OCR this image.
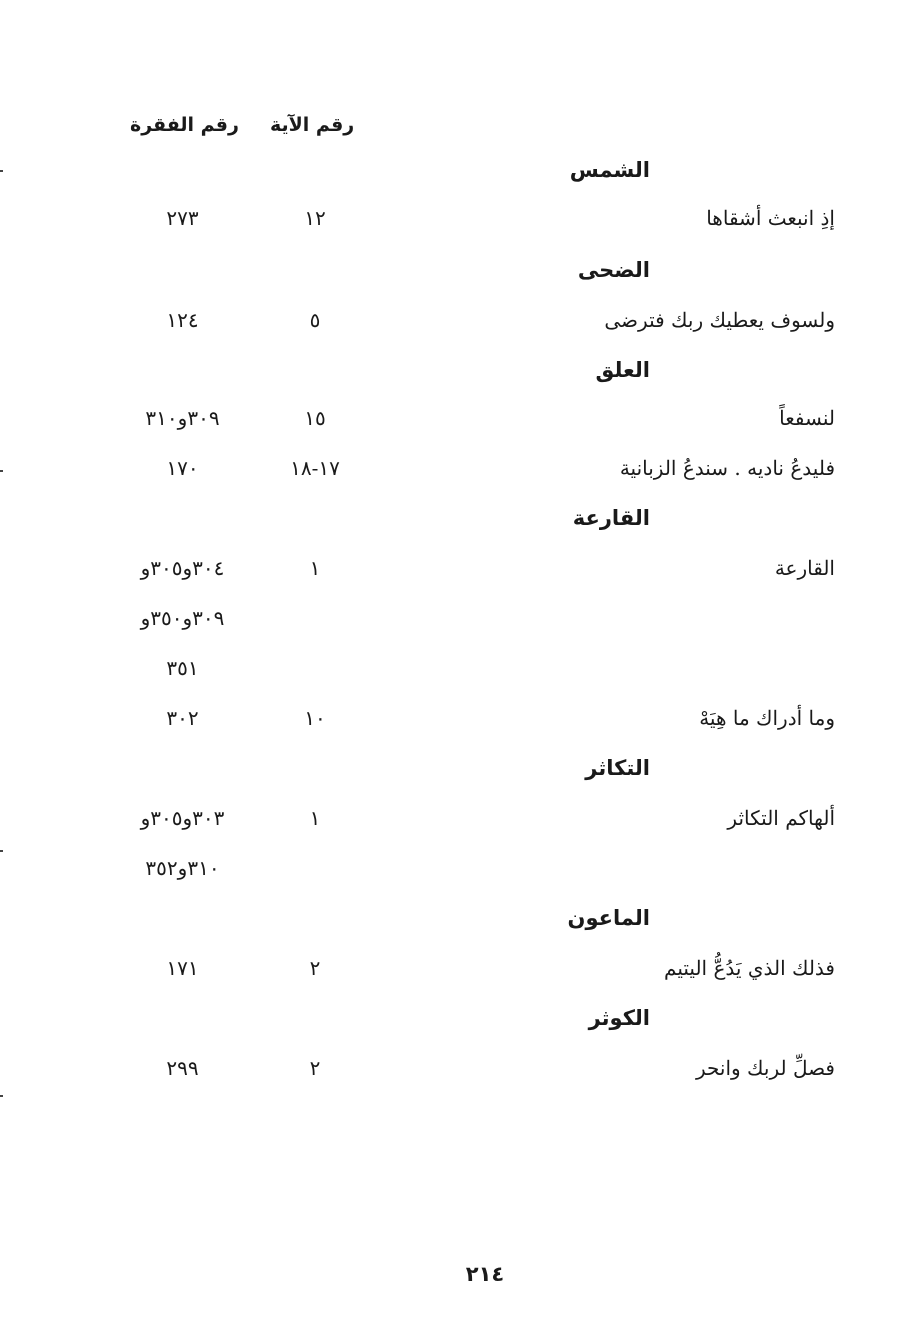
رقم الفقرة رقم الآية
الشمس
إذِ انبعث أشقاها
١٢
٢٧٣
الضحى
ولسوف يعطيك ربك فترضى
٥
١٢٤
العلق
لنسفعاً
١٥
٣٠٩و٣١٠
فليدعُ ناديه . سندعُ الزبانية
١٧-١٨
١٧٠
القارعة
القارعة
١
٣٠٤و٣٠٥و
٣٠٩و٣٥٠و
٣٥١
وما أدراك ما هِيَهْ
١٠
٣٠٢
التكاثر
ألهاكم التكاثر
١
٣٠٣و٣٠٥و
٣١٠و٣٥٢
الماعون
فذلك الذي يَدُعُّ اليتيم
٢
١٧١
الكوثر
فصلِّ لربك وانحر
٢
٢٩٩
٢١٤
